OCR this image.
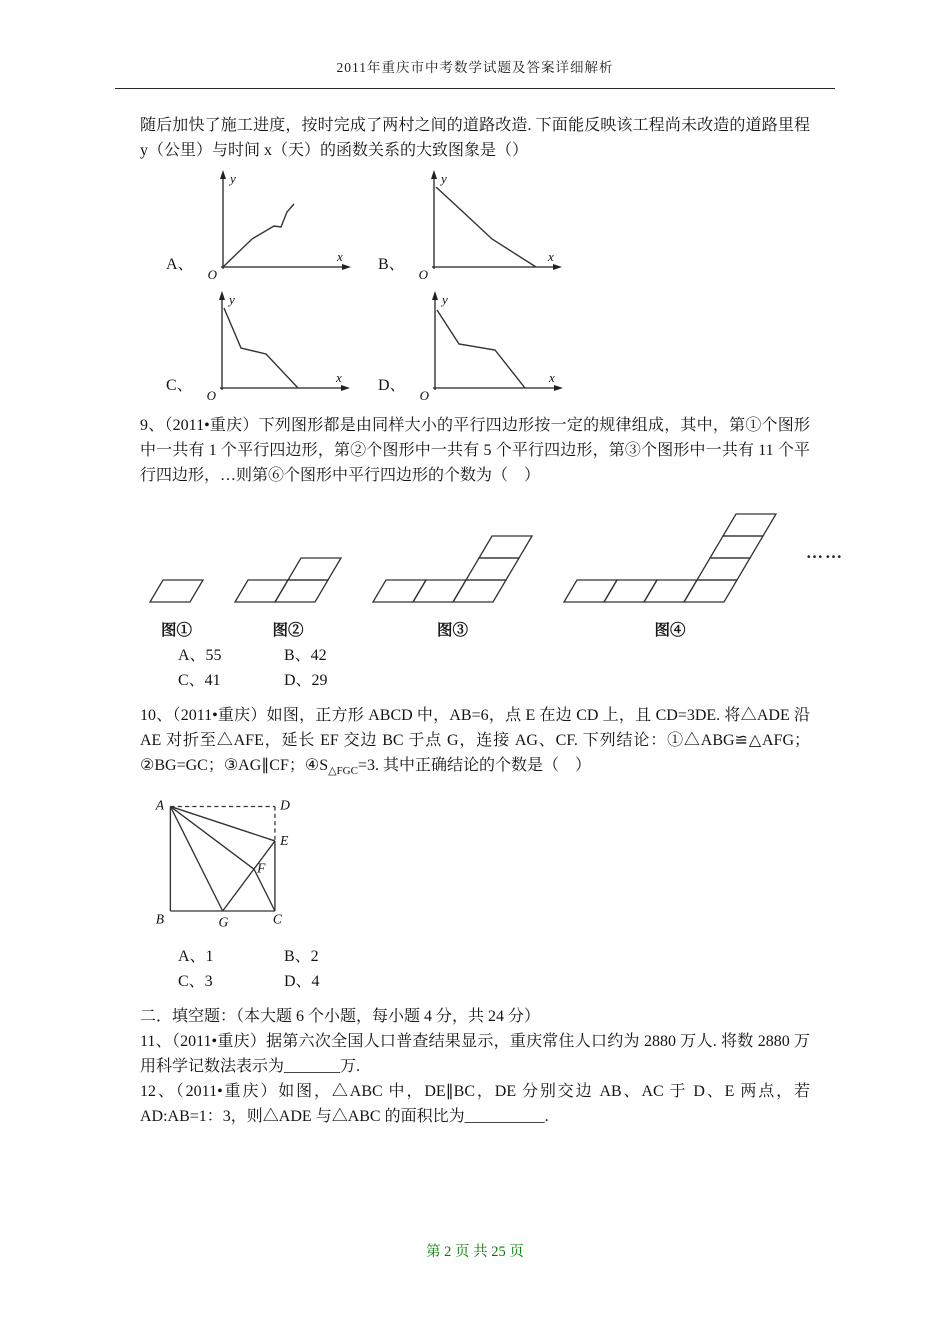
2011年重庆市中考数学试题及答案详细解析

随后加快了施工进度，按时完成了两村之间的道路改造. 下面能反映该工程尚未改造的道路里程 y（公里）与时间 x（天）的函数关系的大致图象是（）

A、
y
x
O
B、
y
x
O
C、
y
x
O
D、
y
x
O

9、（2011•重庆）下列图形都是由同样大小的平行四边形按一定的规律组成，其中，第①个图形中一共有 1 个平行四边形，第②个图形中一共有 5 个平行四边形，第③个图形中一共有 11 个平行四边形，…则第⑥个图形中平行四边形的个数为（　）

图①	图②	图③	图④
……
A、55	B、42
C、41	D、29

10、（2011•重庆）如图，正方形 ABCD 中，AB=6，点 E 在边 CD 上，且 CD=3DE. 将△ADE 沿 AE 对折至△AFE，延长 EF 交边 BC 于点 G，连接 AG、CF. 下列结论：①△ABG≌△AFG；②BG=GC；③AG∥CF；$④S_{\triangle FGC}=3$. 其中正确结论的个数是（　）

A	D
E
F
B	G	C
A、1	B、2
C、3	D、4

二．填空题：（本大题 6 个小题，每小题 4 分，共 24 分）

11、（2011•重庆）据第六次全国人口普查结果显示，重庆常住人口约为 2880 万人. 将数 2880 万用科学记数法表示为_______万.

12、（2011•重庆）如图，△ABC 中，DE∥BC，DE 分别交边 AB、AC 于 D、E 两点，若 AD:AB=1：3，则△ADE 与△ABC 的面积比为__________.

第 2 页 共 25 页
